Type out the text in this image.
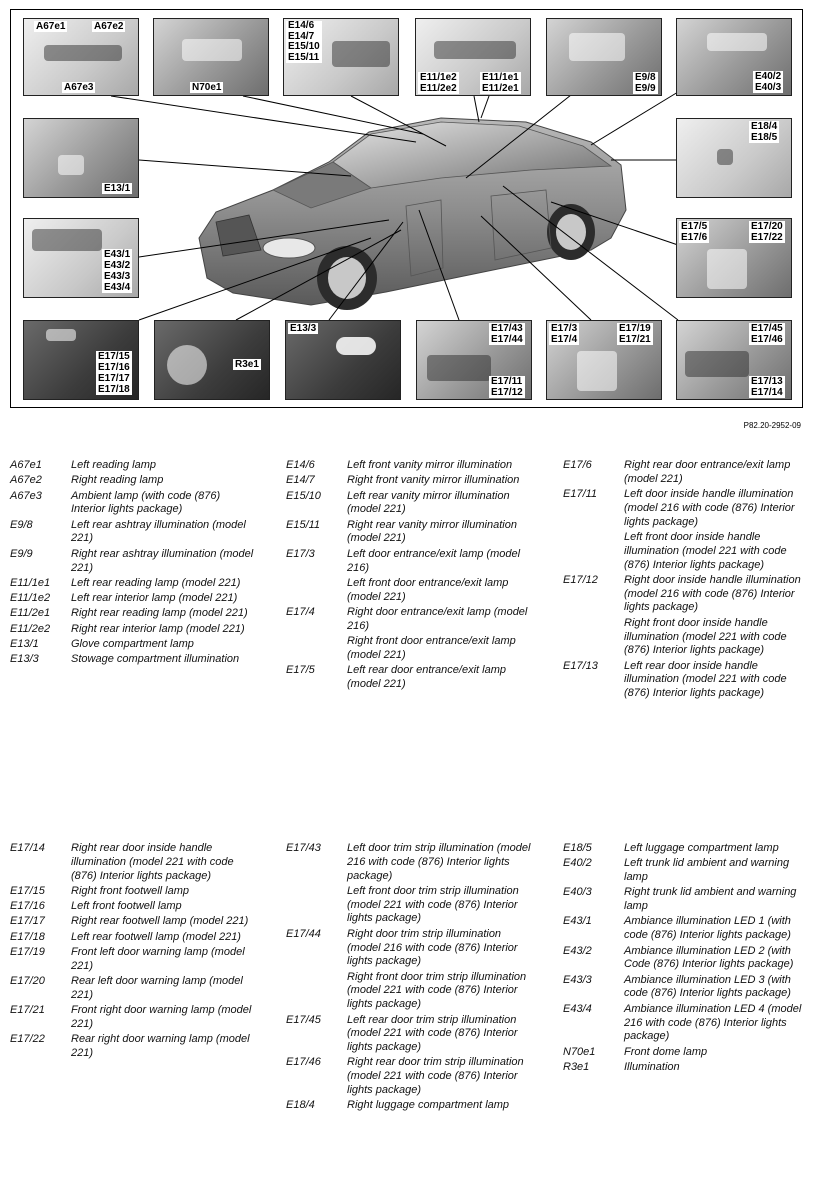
A67e1	A67e2
A67e3	N70e1
E14/6
E14/7
E15/10
E15/11
E11/1e2
E11/2e2
E11/1e1
E11/2e1
E9/8
E9/9
E40/2
E40/3
E13/1
E18/4
E18/5
E43/1
E43/2
E43/3
E43/4
E17/5
E17/6
E17/20
E17/22
E17/15
E17/16
E17/17
E17/18
R3e1
E13/3	E17/43
E17/44
E17/11
E17/12
E17/3
E17/4
E17/19
E17/21
E17/45
E17/46
E17/13
E17/14
P82.20-2952-09
A67e1	Left reading lamp
A67e2	Right reading lamp
A67e3	Ambient lamp (with code (876) Interior lights package)
E9/8	Left rear ashtray illumination (model 221)
E9/9	Right rear ashtray illumination (model 221)
E11/1e1	Left rear reading lamp (model 221)
E11/1e2	Left rear interior lamp (model 221)
E11/2e1	Right rear reading lamp (model 221)
E11/2e2	Right rear interior lamp (model 221)
E13/1	Glove compartment lamp
E13/3	Stowage compartment illumination
E14/6	Left front vanity mirror illumination
E14/7	Right front vanity mirror illumination
E15/10	Left rear vanity mirror illumination (model 221)
E15/11	Right rear vanity mirror illumination (model 221)
E17/3	Left door entrance/exit lamp (model 216)
Left front door entrance/exit lamp (model 221)
E17/4	Right door entrance/exit lamp (model 216)
Right front door entrance/exit lamp (model 221)
E17/5	Left rear door entrance/exit lamp (model 221)
E17/6	Right rear door entrance/exit lamp (model 221)
E17/11	Left door inside handle illumination (model 216 with code (876) Interior lights package)
Left front door inside handle illumination (model 221 with code (876) Interior lights package)
E17/12	Right door inside handle illumination (model 216 with code (876) Interior lights package)
Right front door inside handle illumination (model 221 with code (876) Interior lights package)
E17/13	Left rear door inside handle illumination (model 221 with code (876) Interior lights package)
E17/14	Right rear door inside handle illumination (model 221 with code (876) Interior lights package)
E17/15	Right front footwell lamp
E17/16	Left front footwell lamp
E17/17	Right rear footwell lamp (model 221)
E17/18	Left rear footwell lamp (model 221)
E17/19	Front left door warning lamp (model 221)
E17/20	Rear left door warning lamp (model 221)
E17/21	Front right door warning lamp (model 221)
E17/22	Rear right door warning lamp (model 221)
E17/43	Left door trim strip illumination (model 216 with code (876) Interior lights package)
Left front door trim strip illumination (model 221 with code (876) Interior lights package)
E17/44	Right door trim strip illumination (model 216 with code (876) Interior lights package)
Right front door trim strip illumination (model 221 with code (876) Interior lights package)
E17/45	Left rear door trim strip illumination (model 221 with code (876) Interior lights package)
E17/46	Right rear door trim strip illumination (model 221 with code (876) Interior lights package)
E18/4	Right luggage compartment lamp
E18/5	Left luggage compartment lamp
E40/2	Left trunk lid ambient and warning lamp
E40/3	Right trunk lid ambient and warning lamp
E43/1	Ambiance illumination LED 1 (with code (876) Interior lights package)
E43/2	Ambiance illumination LED 2 (with Code (876) Interior lights package)
E43/3	Ambiance illumination LED 3 (with code (876) Interior lights package)
E43/4	Ambiance illumination LED 4 (model 216 with code (876) Interior lights package)
N70e1	Front dome lamp
R3e1	Illumination
